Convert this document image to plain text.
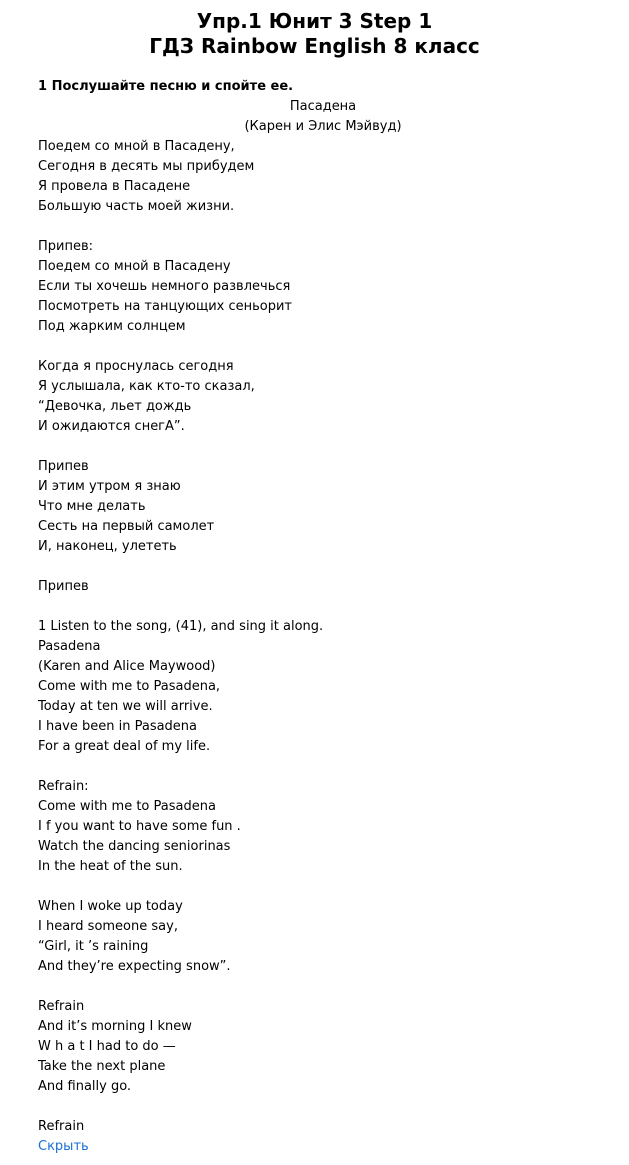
Упр.1 Юнит 3 Step 1
ГДЗ Rainbow English 8 класс
1 Послушайте песню и спойте ее.
Пасадена
(Карен и Элис Мэйвуд)
Поедем со мной в Пасадену,
Сегодня в десять мы прибудем
Я провела в Пасадене
Большую часть моей жизни.
Припев:
Поедем со мной в Пасадену
Если ты хочешь немного развлечься
Посмотреть на танцующих сеньорит
Под жарким солнцем
Когда я проснулась сегодня
Я услышала, как кто-то сказал,
“Девочка, льет дождь
И ожидаются снегА”.
Припев
И этим утром я знаю
Что мне делать
Сесть на первый самолет
И, наконец, улететь
Припев
1 Listen to the song, (41), and sing it along.
Pasadena
(Karen and Alice Maywood)
Come with me to Pasadena,
Today at ten we will arrive.
I have been in Pasadena
For a great deal of my life.
Refrain:
Come with me to Pasadena
I f you want to have some fun .
Watch the dancing seniorinas
In the heat of the sun.
When I woke up today
I heard someone say,
“Girl, it ’s raining
And they’re expecting snow”.
Refrain
And it’s morning I knew
W h a t I had to do —
Take the next plane
And finally go.
Refrain
Скрыть
